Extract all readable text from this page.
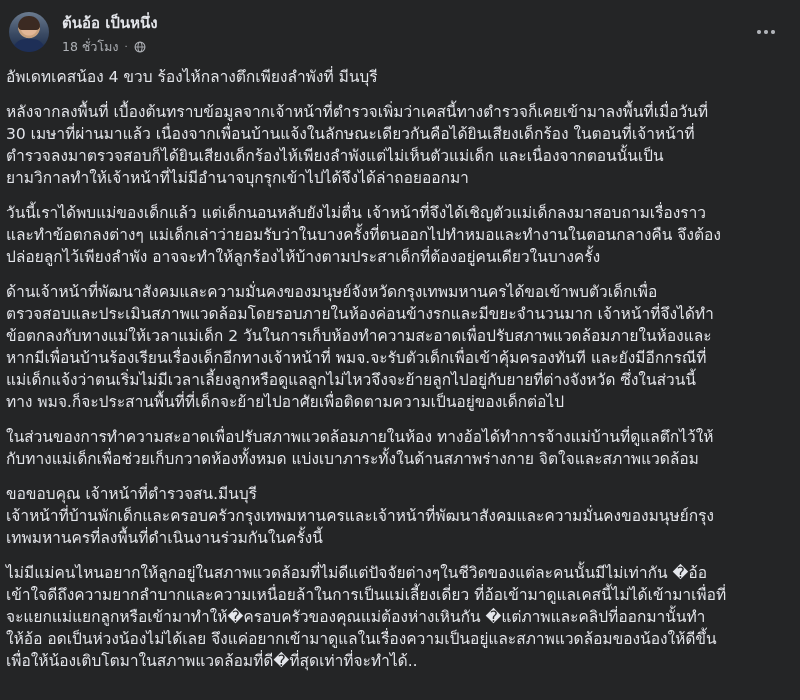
ต้นอ้อ เป็นหนึ่ง
18 ชั่วโมง ·

อัพเดทเคสน้อง 4 ขวบ ร้องไห้กลางตึกเพียงลำพังที่ มีนบุรี

หลังจากลงพื้นที่ เบื้องต้นทราบข้อมูลจากเจ้าหน้าที่ตำรวจเพิ่มว่าเคสนี้ทางตำรวจก็เคยเข้ามาลงพื้นที่เมื่อวันที่
30 เมษาที่ผ่านมาแล้ว เนื่องจากเพื่อนบ้านแจ้งในลักษณะเดียวกันคือได้ยินเสียงเด็กร้อง ในตอนที่เจ้าหน้าที่
ตำรวจลงมาตรวจสอบก็ได้ยินเสียงเด็กร้องไห้เพียงลำพังแต่ไม่เห็นตัวแม่เด็ก และเนื่องจากตอนนั้นเป็น
ยามวิกาลทำให้เจ้าหน้าที่ไม่มีอำนาจบุกรุกเข้าไปได้จึงได้ล่าถอยออกมา

วันนี้เราได้พบแม่ของเด็กแล้ว แต่เด็กนอนหลับยังไม่ตื่น เจ้าหน้าที่จึงได้เชิญตัวแม่เด็กลงมาสอบถามเรื่องราว
และทำข้อตกลงต่างๆ แม่เด็กเล่าว่ายอมรับว่าในบางครั้งที่ตนออกไปทำหมอและทำงานในตอนกลางคืน จึงต้อง
ปล่อยลูกไว้เพียงลำพัง อาจจะทำให้ลูกร้องไห้บ้างตามประสาเด็กที่ต้องอยู่คนเดียวในบางครั้ง

ด้านเจ้าหน้าที่พัฒนาสังคมและความมั่นคงของมนุษย์จังหวัดกรุงเทพมหานครได้ขอเข้าพบตัวเด็กเพื่อ
ตรวจสอบและประเมินสภาพแวดล้อมโดยรอบภายในห้องค่อนข้างรกและมีขยะจำนวนมาก เจ้าหน้าที่จึงได้ทำ
ข้อตกลงกับทางแม่ให้เวลาแม่เด็ก 2 วันในการเก็บห้องทำความสะอาดเพื่อปรับสภาพแวดล้อมภายในห้องและ
หากมีเพื่อนบ้านร้องเรียนเรื่องเด็กอีกทางเจ้าหน้าที่ พมจ.จะรับตัวเด็กเพื่อเข้าคุ้มครองทันที และยังมีอีกกรณีที่
แม่เด็กแจ้งว่าตนเริ่มไม่มีเวลาเลี้ยงลูกหรือดูแลลูกไม่ไหวจึงจะย้ายลูกไปอยู่กับยายที่ต่างจังหวัด ซึ่งในส่วนนี้
ทาง พมจ.ก็จะประสานพื้นที่ที่เด็กจะย้ายไปอาศัยเพื่อติดตามความเป็นอยู่ของเด็กต่อไป

ในส่วนของการทำความสะอาดเพื่อปรับสภาพแวดล้อมภายในห้อง ทางอ้อได้ทำการจ้างแม่บ้านที่ดูแลตึกไว้ให้
กับทางแม่เด็กเพื่อช่วยเก็บกวาดห้องทั้งหมด แบ่งเบาภาระทั้งในด้านสภาพร่างกาย จิตใจและสภาพแวดล้อม

ขอขอบคุณ เจ้าหน้าที่ตำรวจสน.มีนบุรี
เจ้าหน้าที่บ้านพักเด็กและครอบครัวกรุงเทพมหานครและเจ้าหน้าที่พัฒนาสังคมและความมั่นคงของมนุษย์กรุง
เทพมหานครที่ลงพื้นที่ดำเนินงานร่วมกันในครั้งนี้

ไม่มีแม่คนไหนอยากให้ลูกอยู่ในสภาพแวดล้อมที่ไม่ดีแต่ปัจจัยต่างๆในชีวิตของแต่ละคนนั้นมีไม่เท่ากัน �อ้อ
เข้าใจดีถึงความยากลำบากและความเหนื่อยล้าในการเป็นแม่เลี้ยงเดี่ยว ที่อ้อเข้ามาดูแลเคสนี้ไม่ได้เข้ามาเพื่อที่
จะแยกแม่แยกลูกหรือเข้ามาทำให้�ครอบครัวของคุณแม่ต้องห่างเหินกัน �แต่ภาพและคลิปที่ออกมานั้นทำ
ให้อ้อ อดเป็นห่วงน้องไม่ได้เลย จึงแค่อยากเข้ามาดูแลในเรื่องความเป็นอยู่และสภาพแวดล้อมของน้องให้ดีขึ้น
เพื่อให้น้องเติบโตมาในสภาพแวดล้อมที่ดี�ที่สุดเท่าที่จะทำได้..
